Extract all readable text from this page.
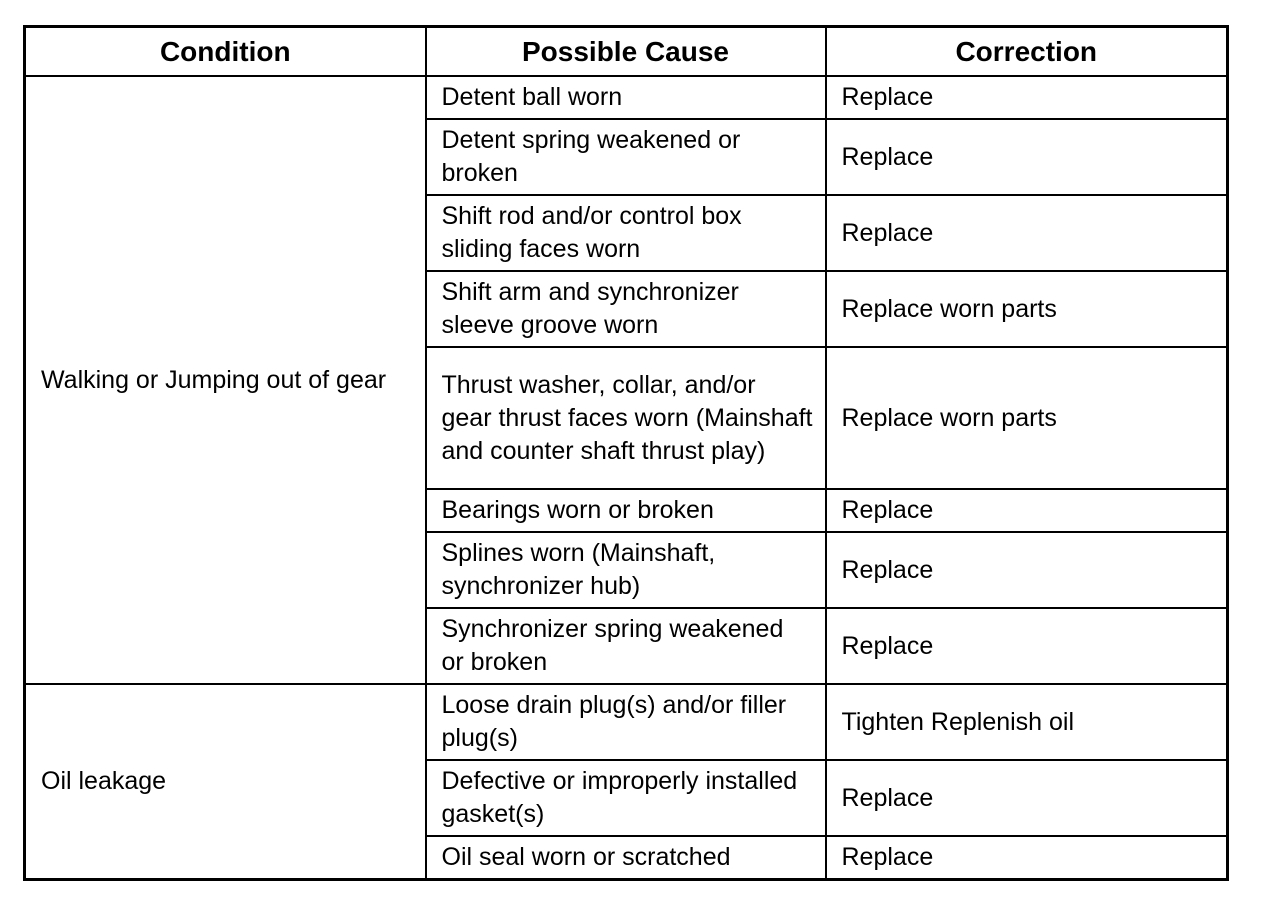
Condition	Possible Cause	Correction
Walking or Jumping out of gear	Detent ball worn	Replace
	Detent spring weakened or broken	Replace
	Shift rod and/or control box sliding faces worn	Replace
	Shift arm and synchronizer sleeve groove worn	Replace worn parts
	Thrust washer, collar, and/or gear thrust faces worn (Mainshaft and counter shaft thrust play)	Replace worn parts
	Bearings worn or broken	Replace
	Splines worn (Mainshaft, synchronizer hub)	Replace
	Synchronizer spring weakened or broken	Replace
Oil leakage	Loose drain plug(s) and/or filler plug(s)	Tighten Replenish oil
	Defective or improperly installed gasket(s)	Replace
	Oil seal worn or scratched	Replace
